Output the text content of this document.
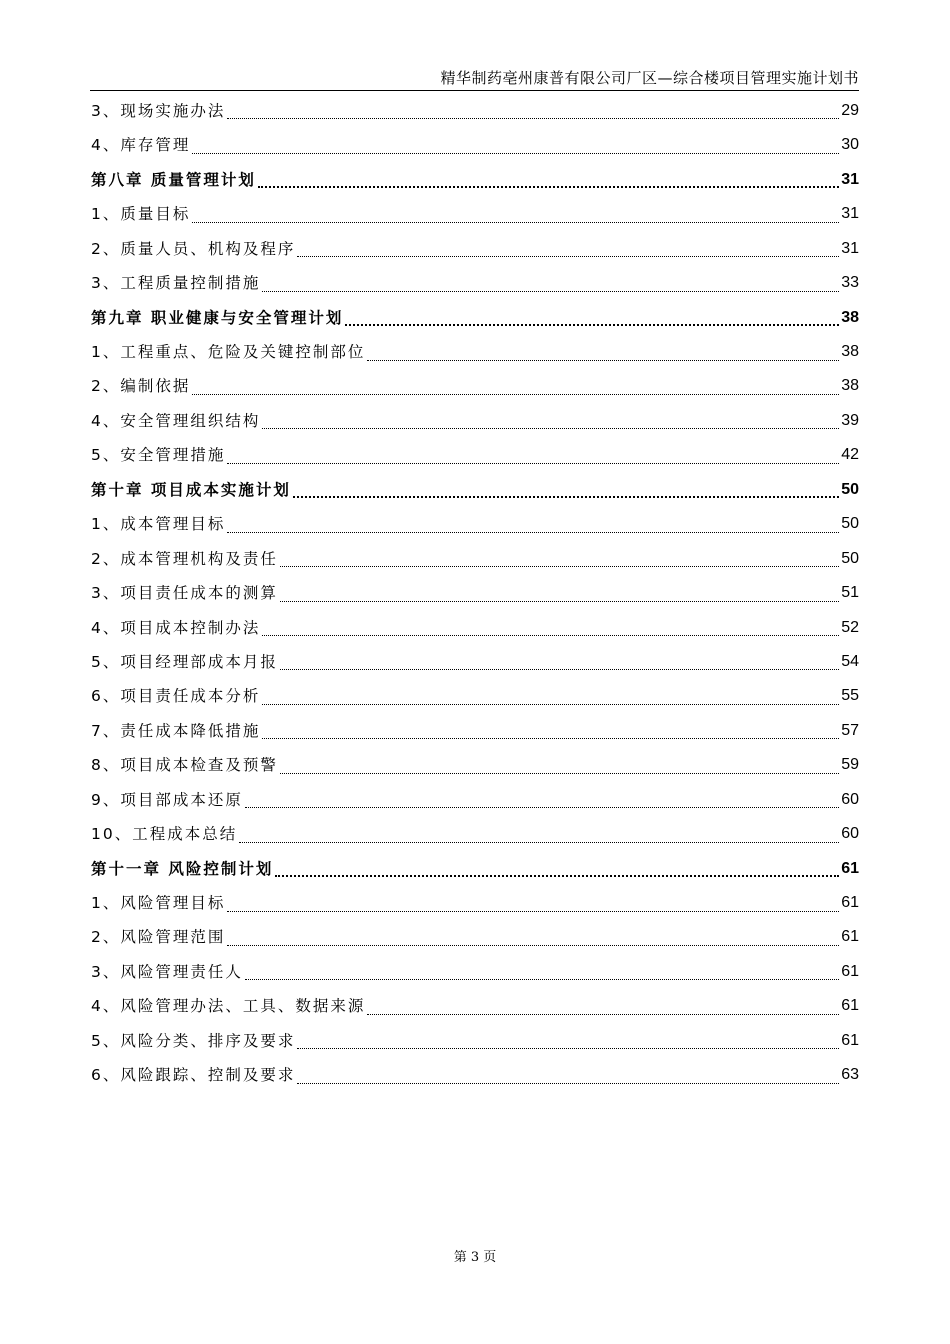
精华制药亳州康普有限公司厂区—综合楼项目管理实施计划书
3、现场实施办法	29
4、库存管理	30
第八章 质量管理计划	31
1、质量目标	31
2、质量人员、机构及程序	31
3、工程质量控制措施	33
第九章 职业健康与安全管理计划	38
1、工程重点、危险及关键控制部位	38
2、编制依据	38
4、安全管理组织结构	39
5、安全管理措施	42
第十章 项目成本实施计划	50
1、成本管理目标	50
2、成本管理机构及责任	50
3、项目责任成本的测算	51
4、项目成本控制办法	52
5、项目经理部成本月报	54
6、项目责任成本分析	55
7、责任成本降低措施	57
8、项目成本检查及预警	59
9、项目部成本还原	60
10、工程成本总结	60
第十一章 风险控制计划	61
1、风险管理目标	61
2、风险管理范围	61
3、风险管理责任人	61
4、风险管理办法、工具、数据来源	61
5、风险分类、排序及要求	61
6、风险跟踪、控制及要求	63
第 3 页
